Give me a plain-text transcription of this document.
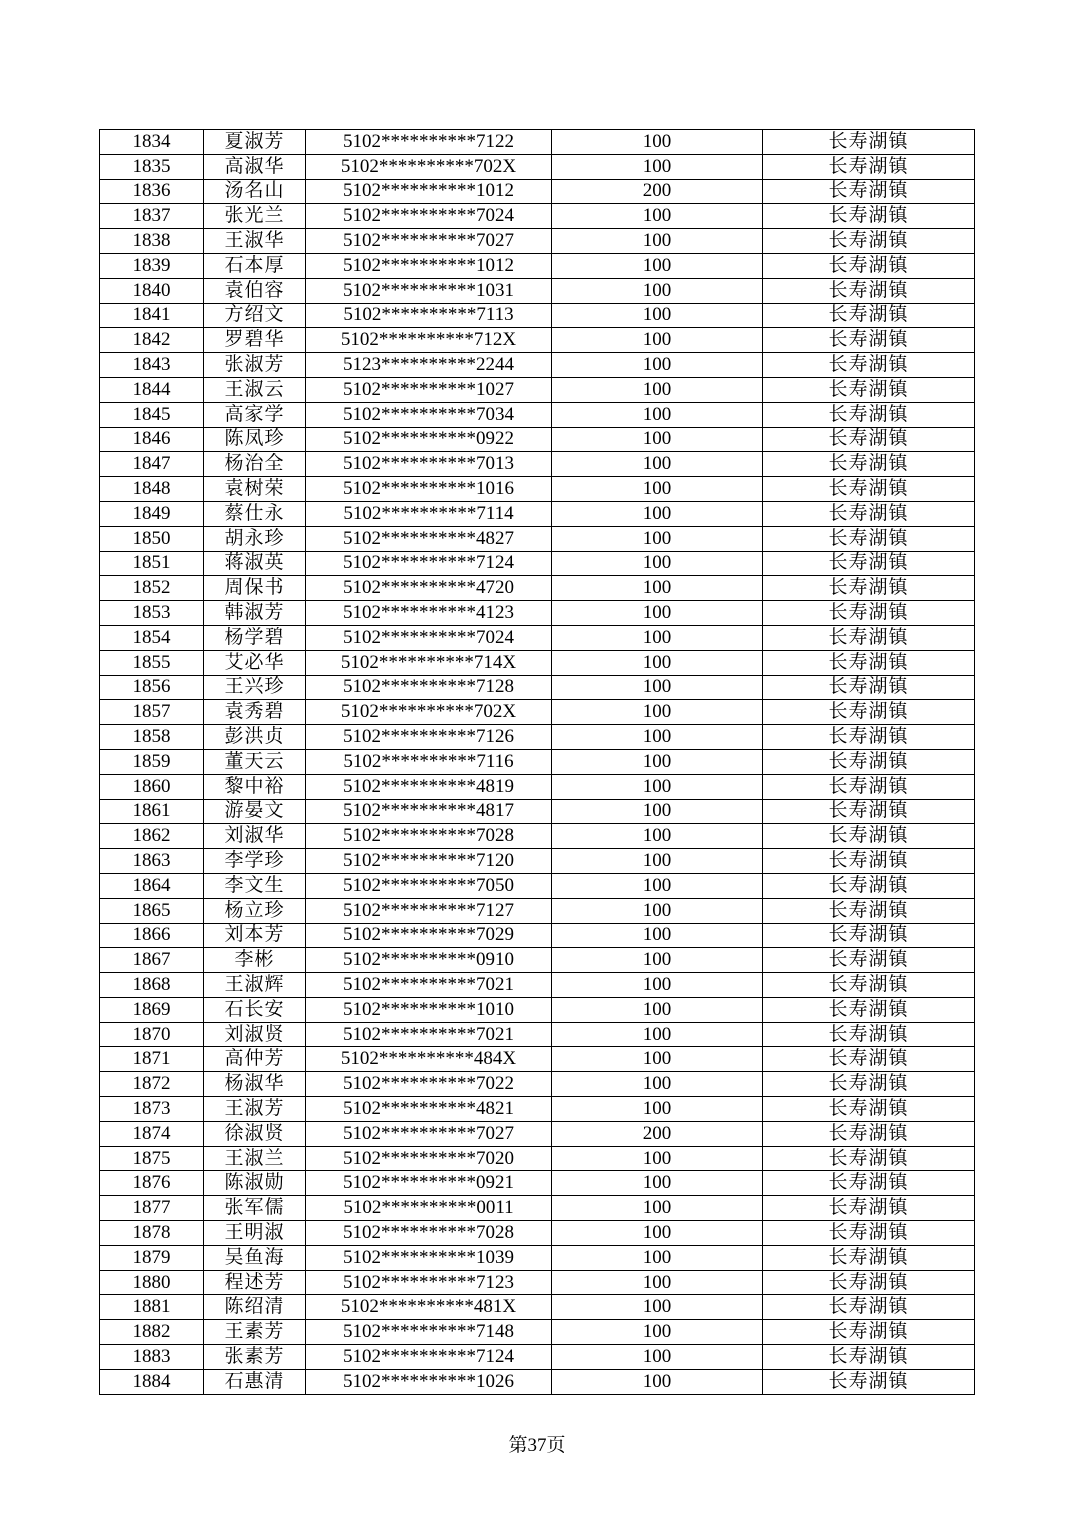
1834	夏淑芳	5102**********7122	100	长寿湖镇
1835	高淑华	5102**********702X	100	长寿湖镇
1836	汤名山	5102**********1012	200	长寿湖镇
1837	张光兰	5102**********7024	100	长寿湖镇
1838	王淑华	5102**********7027	100	长寿湖镇
1839	石本厚	5102**********1012	100	长寿湖镇
1840	袁伯容	5102**********1031	100	长寿湖镇
1841	方绍文	5102**********7113	100	长寿湖镇
1842	罗碧华	5102**********712X	100	长寿湖镇
1843	张淑芳	5123**********2244	100	长寿湖镇
1844	王淑云	5102**********1027	100	长寿湖镇
1845	高家学	5102**********7034	100	长寿湖镇
1846	陈凤珍	5102**********0922	100	长寿湖镇
1847	杨治全	5102**********7013	100	长寿湖镇
1848	袁树荣	5102**********1016	100	长寿湖镇
1849	蔡仕永	5102**********7114	100	长寿湖镇
1850	胡永珍	5102**********4827	100	长寿湖镇
1851	蒋淑英	5102**********7124	100	长寿湖镇
1852	周保书	5102**********4720	100	长寿湖镇
1853	韩淑芳	5102**********4123	100	长寿湖镇
1854	杨学碧	5102**********7024	100	长寿湖镇
1855	艾必华	5102**********714X	100	长寿湖镇
1856	王兴珍	5102**********7128	100	长寿湖镇
1857	袁秀碧	5102**********702X	100	长寿湖镇
1858	彭洪贞	5102**********7126	100	长寿湖镇
1859	董天云	5102**********7116	100	长寿湖镇
1860	黎中裕	5102**********4819	100	长寿湖镇
1861	游晏文	5102**********4817	100	长寿湖镇
1862	刘淑华	5102**********7028	100	长寿湖镇
1863	李学珍	5102**********7120	100	长寿湖镇
1864	李文生	5102**********7050	100	长寿湖镇
1865	杨立珍	5102**********7127	100	长寿湖镇
1866	刘本芳	5102**********7029	100	长寿湖镇
1867	李彬	5102**********0910	100	长寿湖镇
1868	王淑辉	5102**********7021	100	长寿湖镇
1869	石长安	5102**********1010	100	长寿湖镇
1870	刘淑贤	5102**********7021	100	长寿湖镇
1871	高仲芳	5102**********484X	100	长寿湖镇
1872	杨淑华	5102**********7022	100	长寿湖镇
1873	王淑芳	5102**********4821	100	长寿湖镇
1874	徐淑贤	5102**********7027	200	长寿湖镇
1875	王淑兰	5102**********7020	100	长寿湖镇
1876	陈淑勋	5102**********0921	100	长寿湖镇
1877	张军儒	5102**********0011	100	长寿湖镇
1878	王明淑	5102**********7028	100	长寿湖镇
1879	吴鱼海	5102**********1039	100	长寿湖镇
1880	程述芳	5102**********7123	100	长寿湖镇
1881	陈绍清	5102**********481X	100	长寿湖镇
1882	王素芳	5102**********7148	100	长寿湖镇
1883	张素芳	5102**********7124	100	长寿湖镇
1884	石惠清	5102**********1026	100	长寿湖镇
第37页
